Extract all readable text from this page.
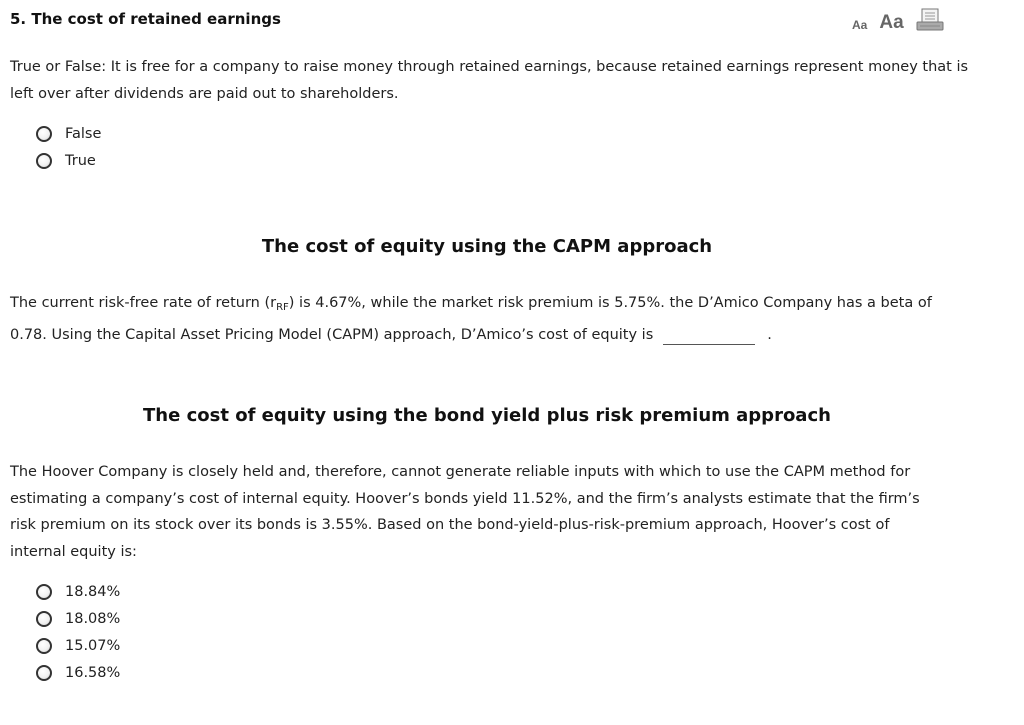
5. The cost of retained earnings	Aa Aa
True or False: It is free for a company to raise money through retained earnings, because retained earnings represent money that is left over after dividends are paid out to shareholders.
False
True
The cost of equity using the CAPM approach
The current risk-free rate of return $(r_{RF})$ is 4.67%, while the market risk premium is 5.75%. the D’Amico Company has a beta of 0.78. Using the Capital Asset Pricing Model (CAPM) approach, D’Amico’s cost of equity is	.
The cost of equity using the bond yield plus risk premium approach
The Hoover Company is closely held and, therefore, cannot generate reliable inputs with which to use the CAPM method for estimating a company’s cost of internal equity. Hoover’s bonds yield 11.52%, and the firm’s analysts estimate that the firm’s risk premium on its stock over its bonds is 3.55%. Based on the bond-yield-plus-risk-premium approach, Hoover’s cost of internal equity is:
18.84%
18.08%
15.07%
16.58%
